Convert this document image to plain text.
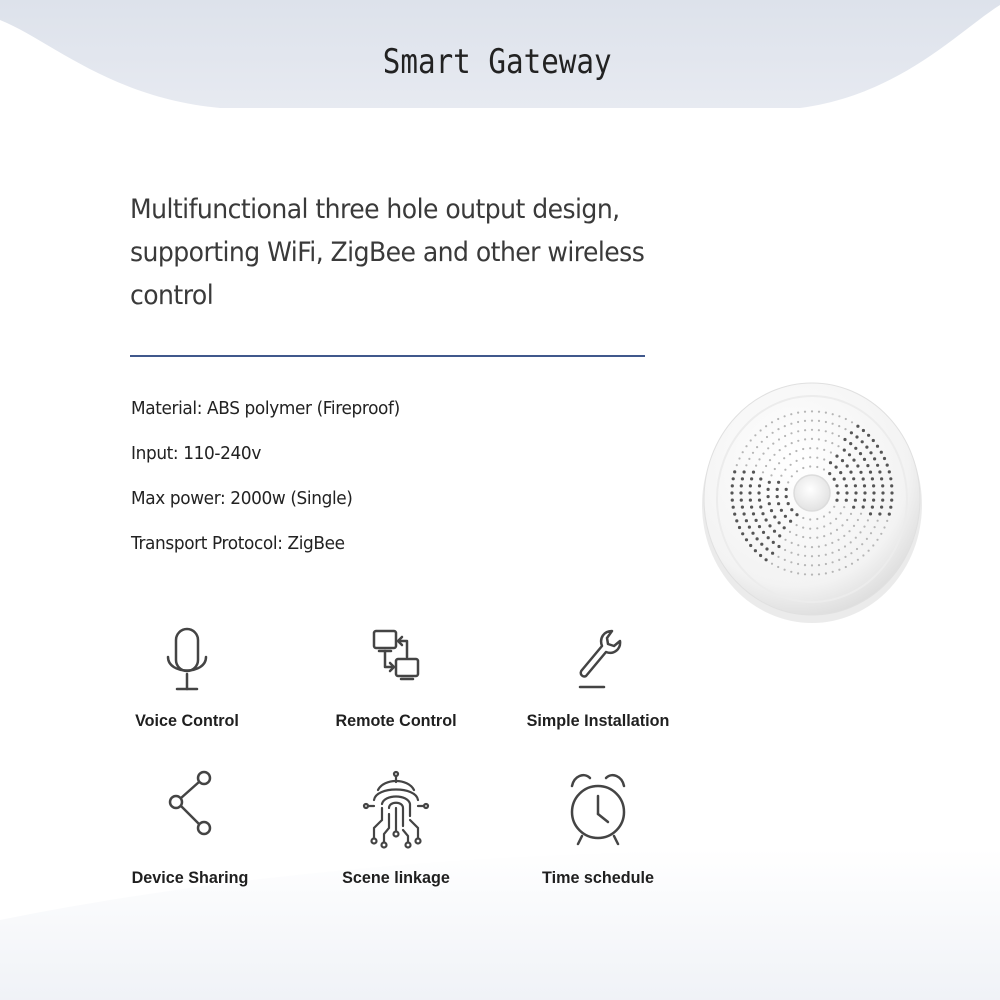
Smart Gateway
Multifunctional three hole output design, supporting WiFi, ZigBee and other wireless control
Material: ABS polymer (Fireproof)
Input: 110-240v
Max power: 2000w (Single)
Transport Protocol: ZigBee
Voice Control	Remote Control	Simple Installation
Device Sharing	Scene linkage	Time schedule
